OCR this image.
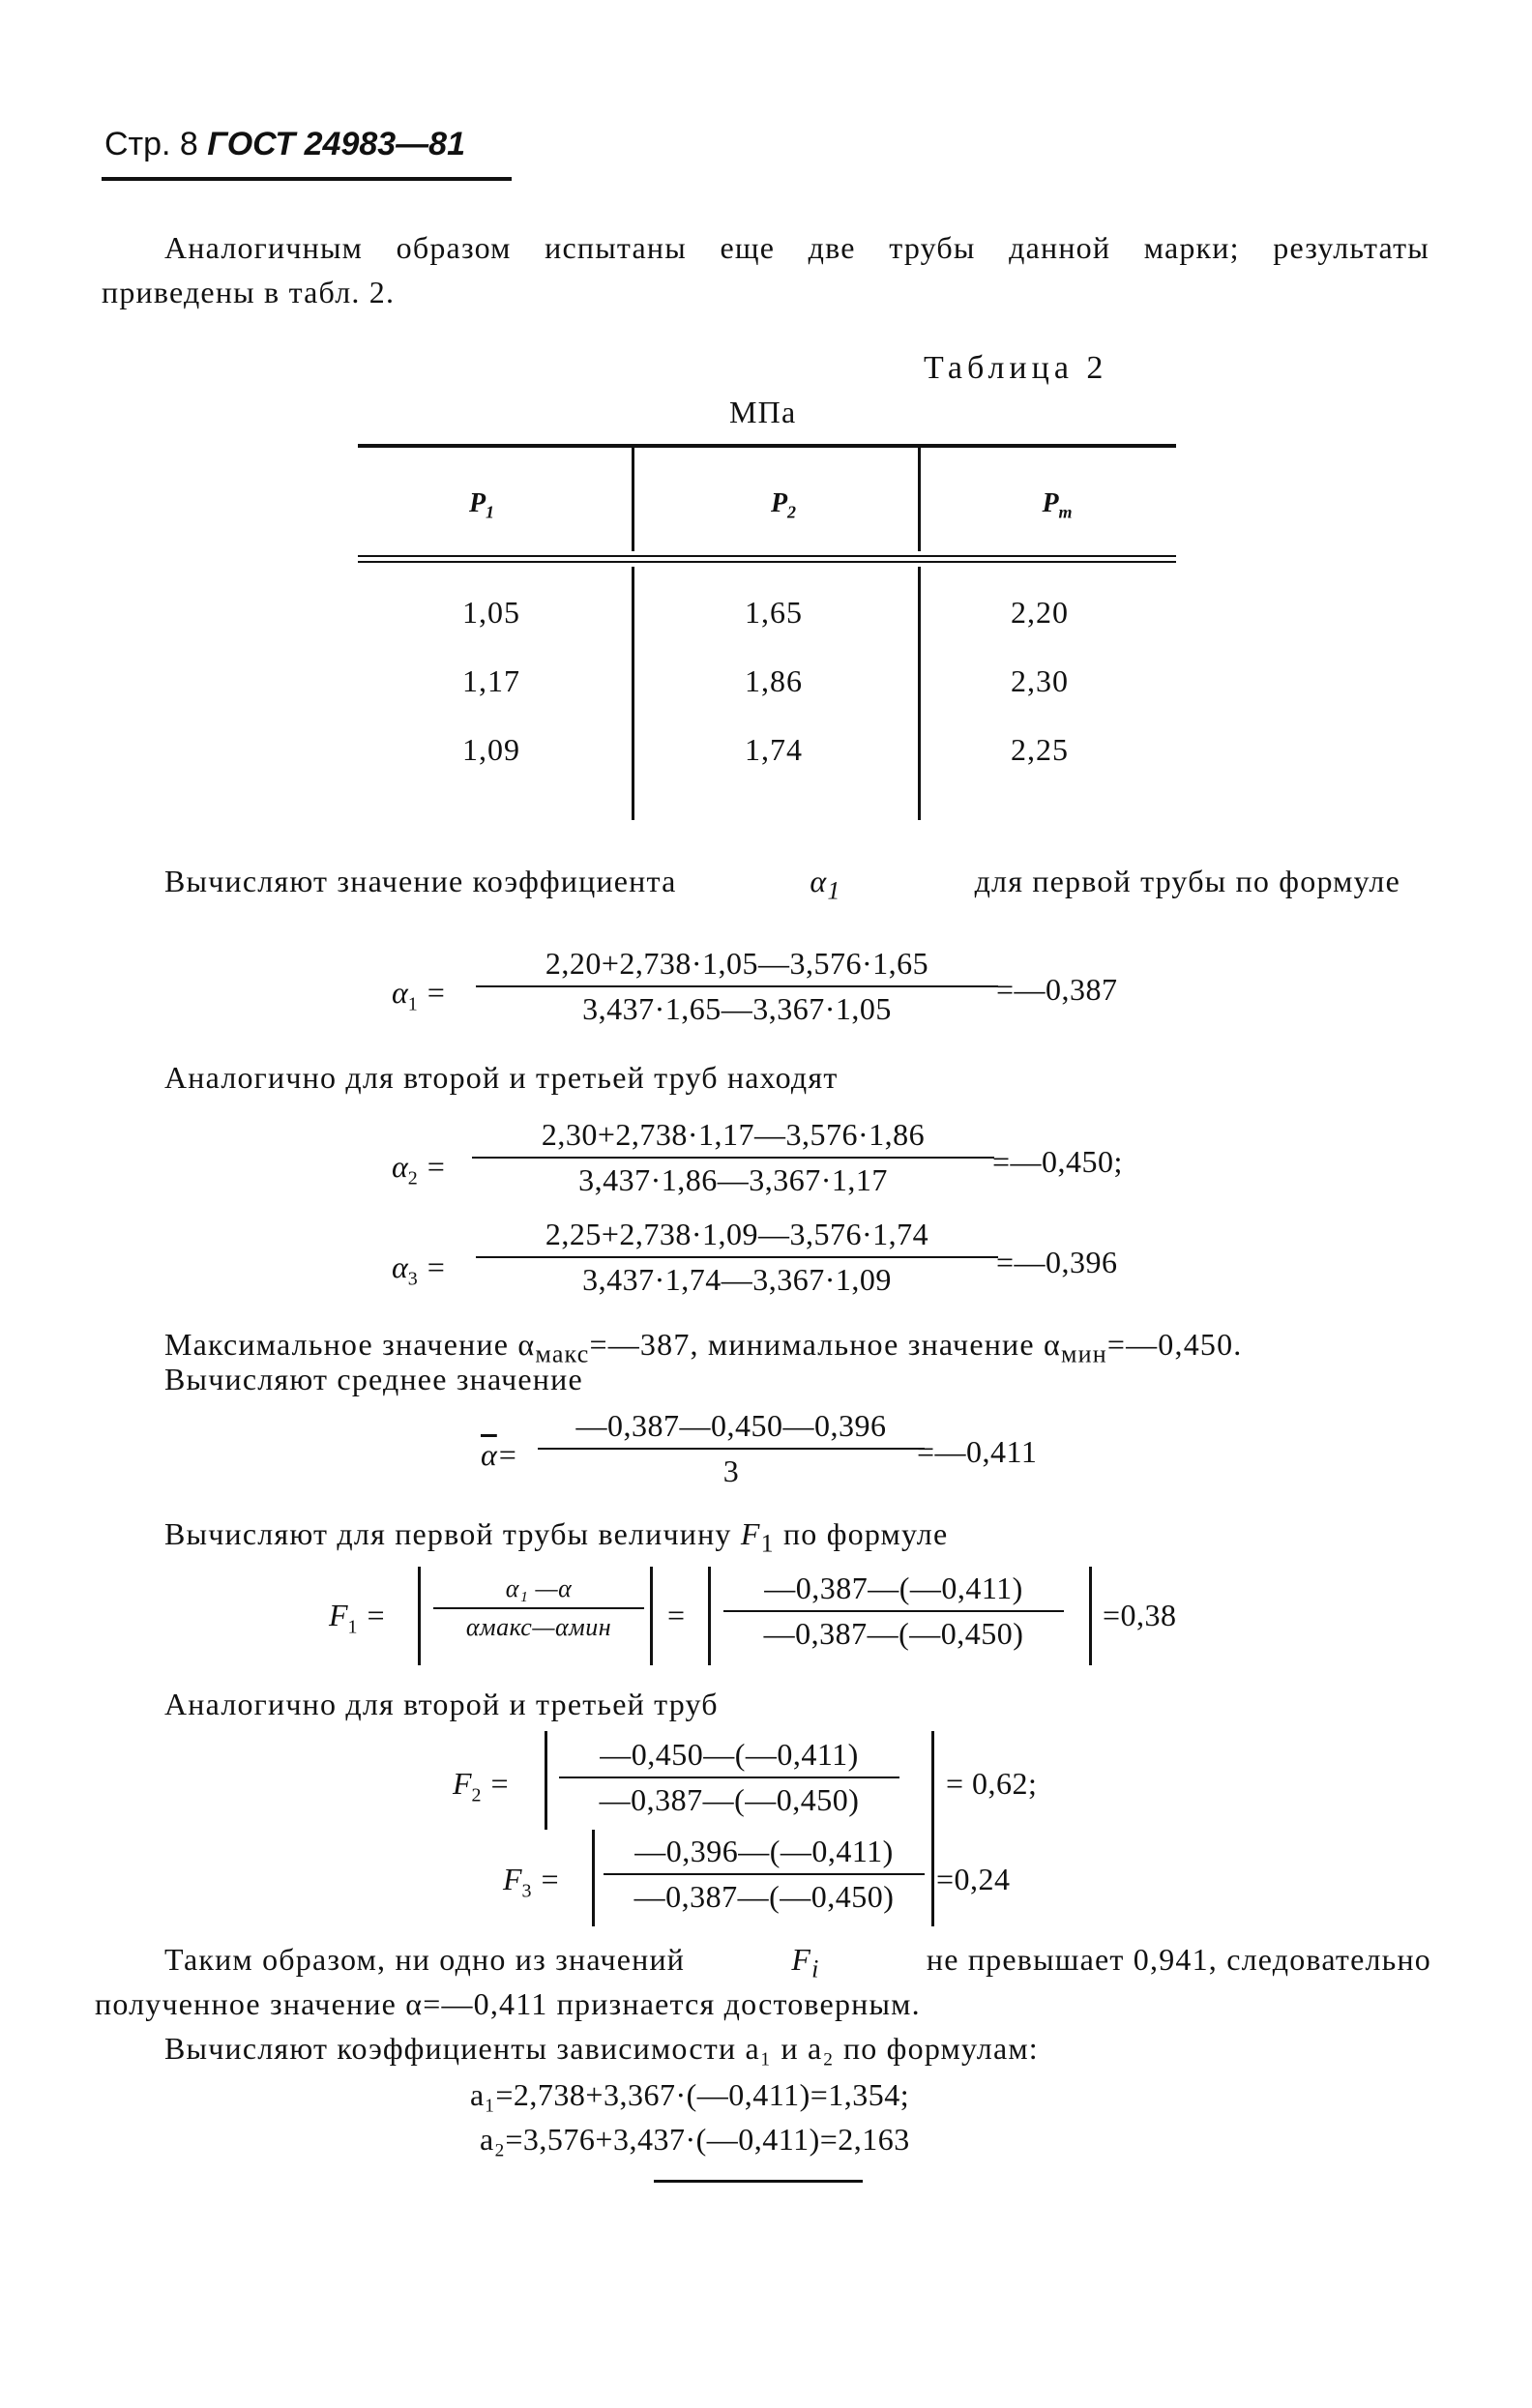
Стр. 8 ГОСТ 24983—81
Аналогичным образом испытаны еще две трубы данной марки; результаты
приведены в табл. 2.
Таблица 2
МПа
$P_1$	$P_2$	$P_т$
1,05	1,65	2,20
1,17	1,86	2,30
1,09	1,74	2,25
Вычисляют значение коэффициента	$\alpha_1$	для первой трубы по формуле
$\alpha_1$ =
2,20+2,738·1,05—3,576·1,65
3,437·1,65—3,367·1,05
=—0,387
Аналогично для второй и третьей труб находят
$\alpha_2$ =
2,30+2,738·1,17—3,576·1,86
3,437·1,86—3,367·1,17
=—0,450;
$\alpha_3$ =
2,25+2,738·1,09—3,576·1,74
3,437·1,74—3,367·1,09	=—0,396
Максимальное значение $\alpha_{макс}=—387$, минимальное значение $\alpha_{мин}=—0,450$.
Вычисляют среднее значение
$\overline{\alpha}=$
—0,387—0,450—0,396
3
=—0,411
Вычисляют для первой трубы величину $F_1$ по формуле
$F_1$ =
α₁ —α
αмакс—αмин	=
—0,387—(—0,411)
—0,387—(—0,450)
=0,38
Аналогично для второй и третьей труб
$F_2$ =
—0,450—(—0,411)
—0,387—(—0,450)	= 0,62;
$F_3$ =
—0,396—(—0,411)
—0,387—(—0,450)	=0,24
Таким образом, ни одно из значений	$F_i$	не превышает 0,941, следовательно
полученное значение α=—0,411 признается достоверным.
Вычисляют коэффициенты зависимости a₁ и a₂ по формулам:
a₁=2,738+3,367·(—0,411)=1,354;
a₂=3,576+3,437·(—0,411)=2,163
